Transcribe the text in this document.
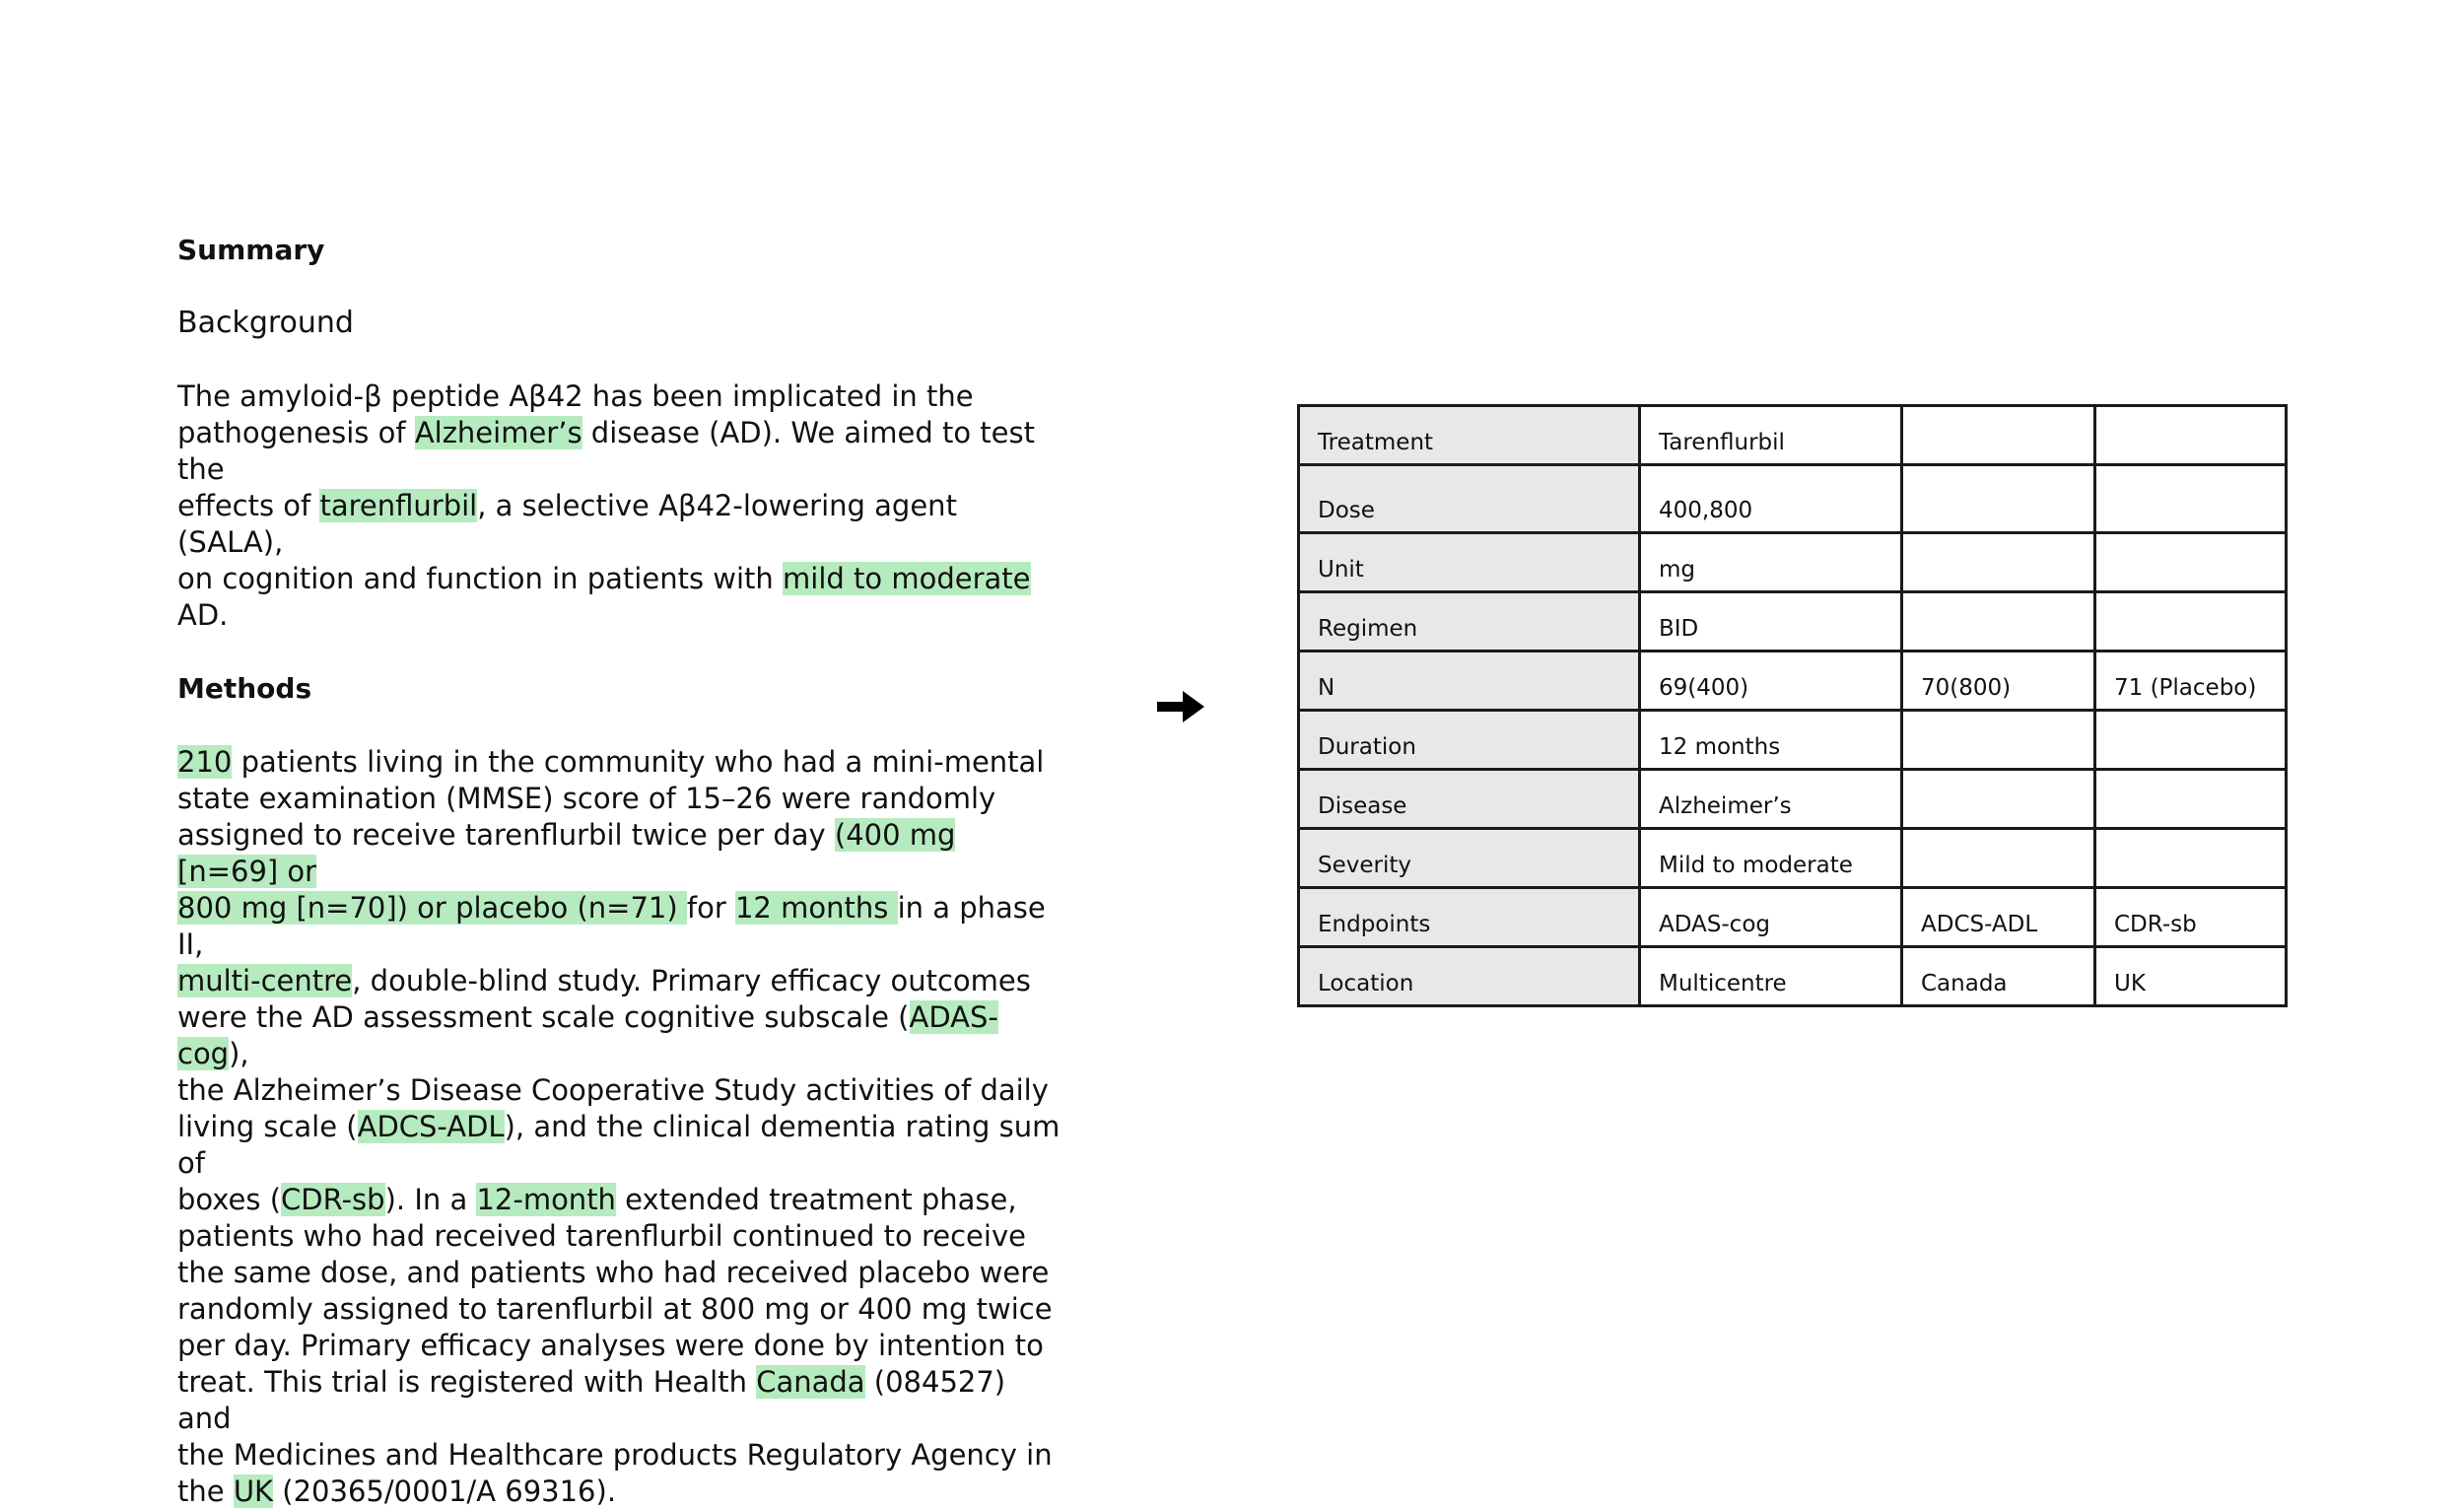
Summary

Background

The amyloid-β peptide Aβ42 has been implicated in the
pathogenesis of Alzheimer’s disease (AD). We aimed to test the
effects of tarenflurbil, a selective Aβ42-lowering agent (SALA),
on cognition and function in patients with mild to moderate
AD.

Methods

210 patients living in the community who had a mini-mental
state examination (MMSE) score of 15–26 were randomly
assigned to receive tarenflurbil twice per day (400 mg [n=69] or
800 mg [n=70]) or placebo (n=71) for 12 months in a phase II,
multi-centre, double-blind study. Primary efficacy outcomes
were the AD assessment scale cognitive subscale (ADAS-cog),
the Alzheimer’s Disease Cooperative Study activities of daily
living scale (ADCS-ADL), and the clinical dementia rating sum of
boxes (CDR-sb). In a 12-month extended treatment phase,
patients who had received tarenflurbil continued to receive
the same dose, and patients who had received placebo were
randomly assigned to tarenflurbil at 800 mg or 400 mg twice
per day. Primary efficacy analyses were done by intention to
treat. This trial is registered with Health Canada (084527) and
the Medicines and Healthcare products Regulatory Agency in
the UK (20365/0001/A 69316).
Treatment	Tarenflurbil		
Dose	400,800		
Unit	mg		
Regimen	BID		
N	69(400)	70(800)	71 (Placebo)
Duration	12 months		
Disease	Alzheimer’s		
Severity	Mild to moderate		
Endpoints	ADAS-cog	ADCS-ADL	CDR-sb
Location	Multicentre	Canada	UK
